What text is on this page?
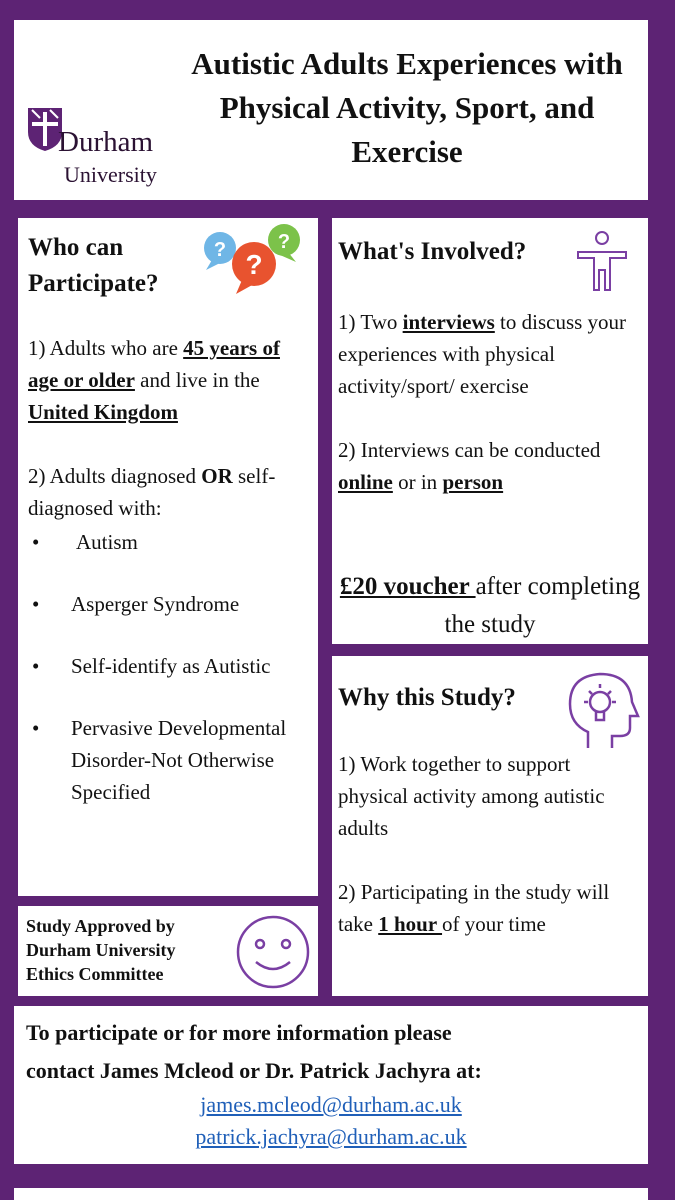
Durham
University
Autistic Adults Experiences with Physical Activity, Sport, and Exercise
Who can
Participate?
?	?
?

1) Adults who are 45 years of age or older and live in the United Kingdom

2) Adults diagnosed OR self-diagnosed with:

• Autism
• Asperger Syndrome
• Self-identify as Autistic
• Pervasive Developmental Disorder-Not Otherwise Specified
What's Involved?

1) Two interviews to discuss your experiences with physical activity/sport/ exercise

2) Interviews can be conducted online or in person

£20 voucher after completing the study
Why this Study?

1) Work together to support physical activity among autistic adults

2) Participating in the study will take 1 hour of your time

Study Approved by
Durham University
Ethics Committee
To participate or for more information please
contact James Mcleod or Dr. Patrick Jachyra at:
james.mcleod@durham.ac.uk
patrick.jachyra@durham.ac.uk
